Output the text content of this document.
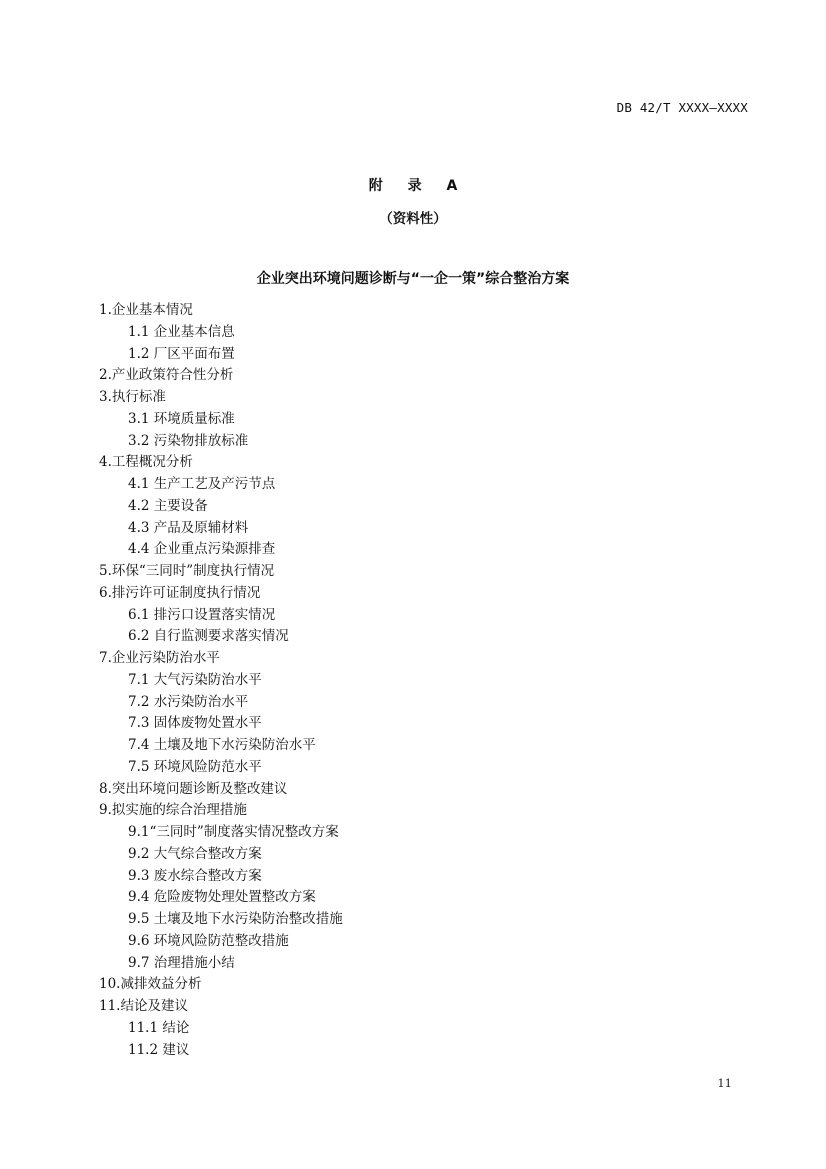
DB 42/T XXXX—XXXX
附 录 A
（资料性）
企业突出环境问题诊断与“一企一策”综合整治方案
1.企业基本情况
1.1 企业基本信息
1.2 厂区平面布置
2.产业政策符合性分析
3.执行标准
3.1 环境质量标准
3.2 污染物排放标准
4.工程概况分析
4.1 生产工艺及产污节点
4.2 主要设备
4.3 产品及原辅材料
4.4 企业重点污染源排查
5.环保“三同时”制度执行情况
6.排污许可证制度执行情况
6.1 排污口设置落实情况
6.2 自行监测要求落实情况
7.企业污染防治水平
7.1 大气污染防治水平
7.2 水污染防治水平
7.3 固体废物处置水平
7.4 土壤及地下水污染防治水平
7.5 环境风险防范水平
8.突出环境问题诊断及整改建议
9.拟实施的综合治理措施
9.1“三同时”制度落实情况整改方案
9.2 大气综合整改方案
9.3 废水综合整改方案
9.4 危险废物处理处置整改方案
9.5 土壤及地下水污染防治整改措施
9.6 环境风险防范整改措施
9.7 治理措施小结
10.减排效益分析
11.结论及建议
11.1 结论
11.2 建议
11
